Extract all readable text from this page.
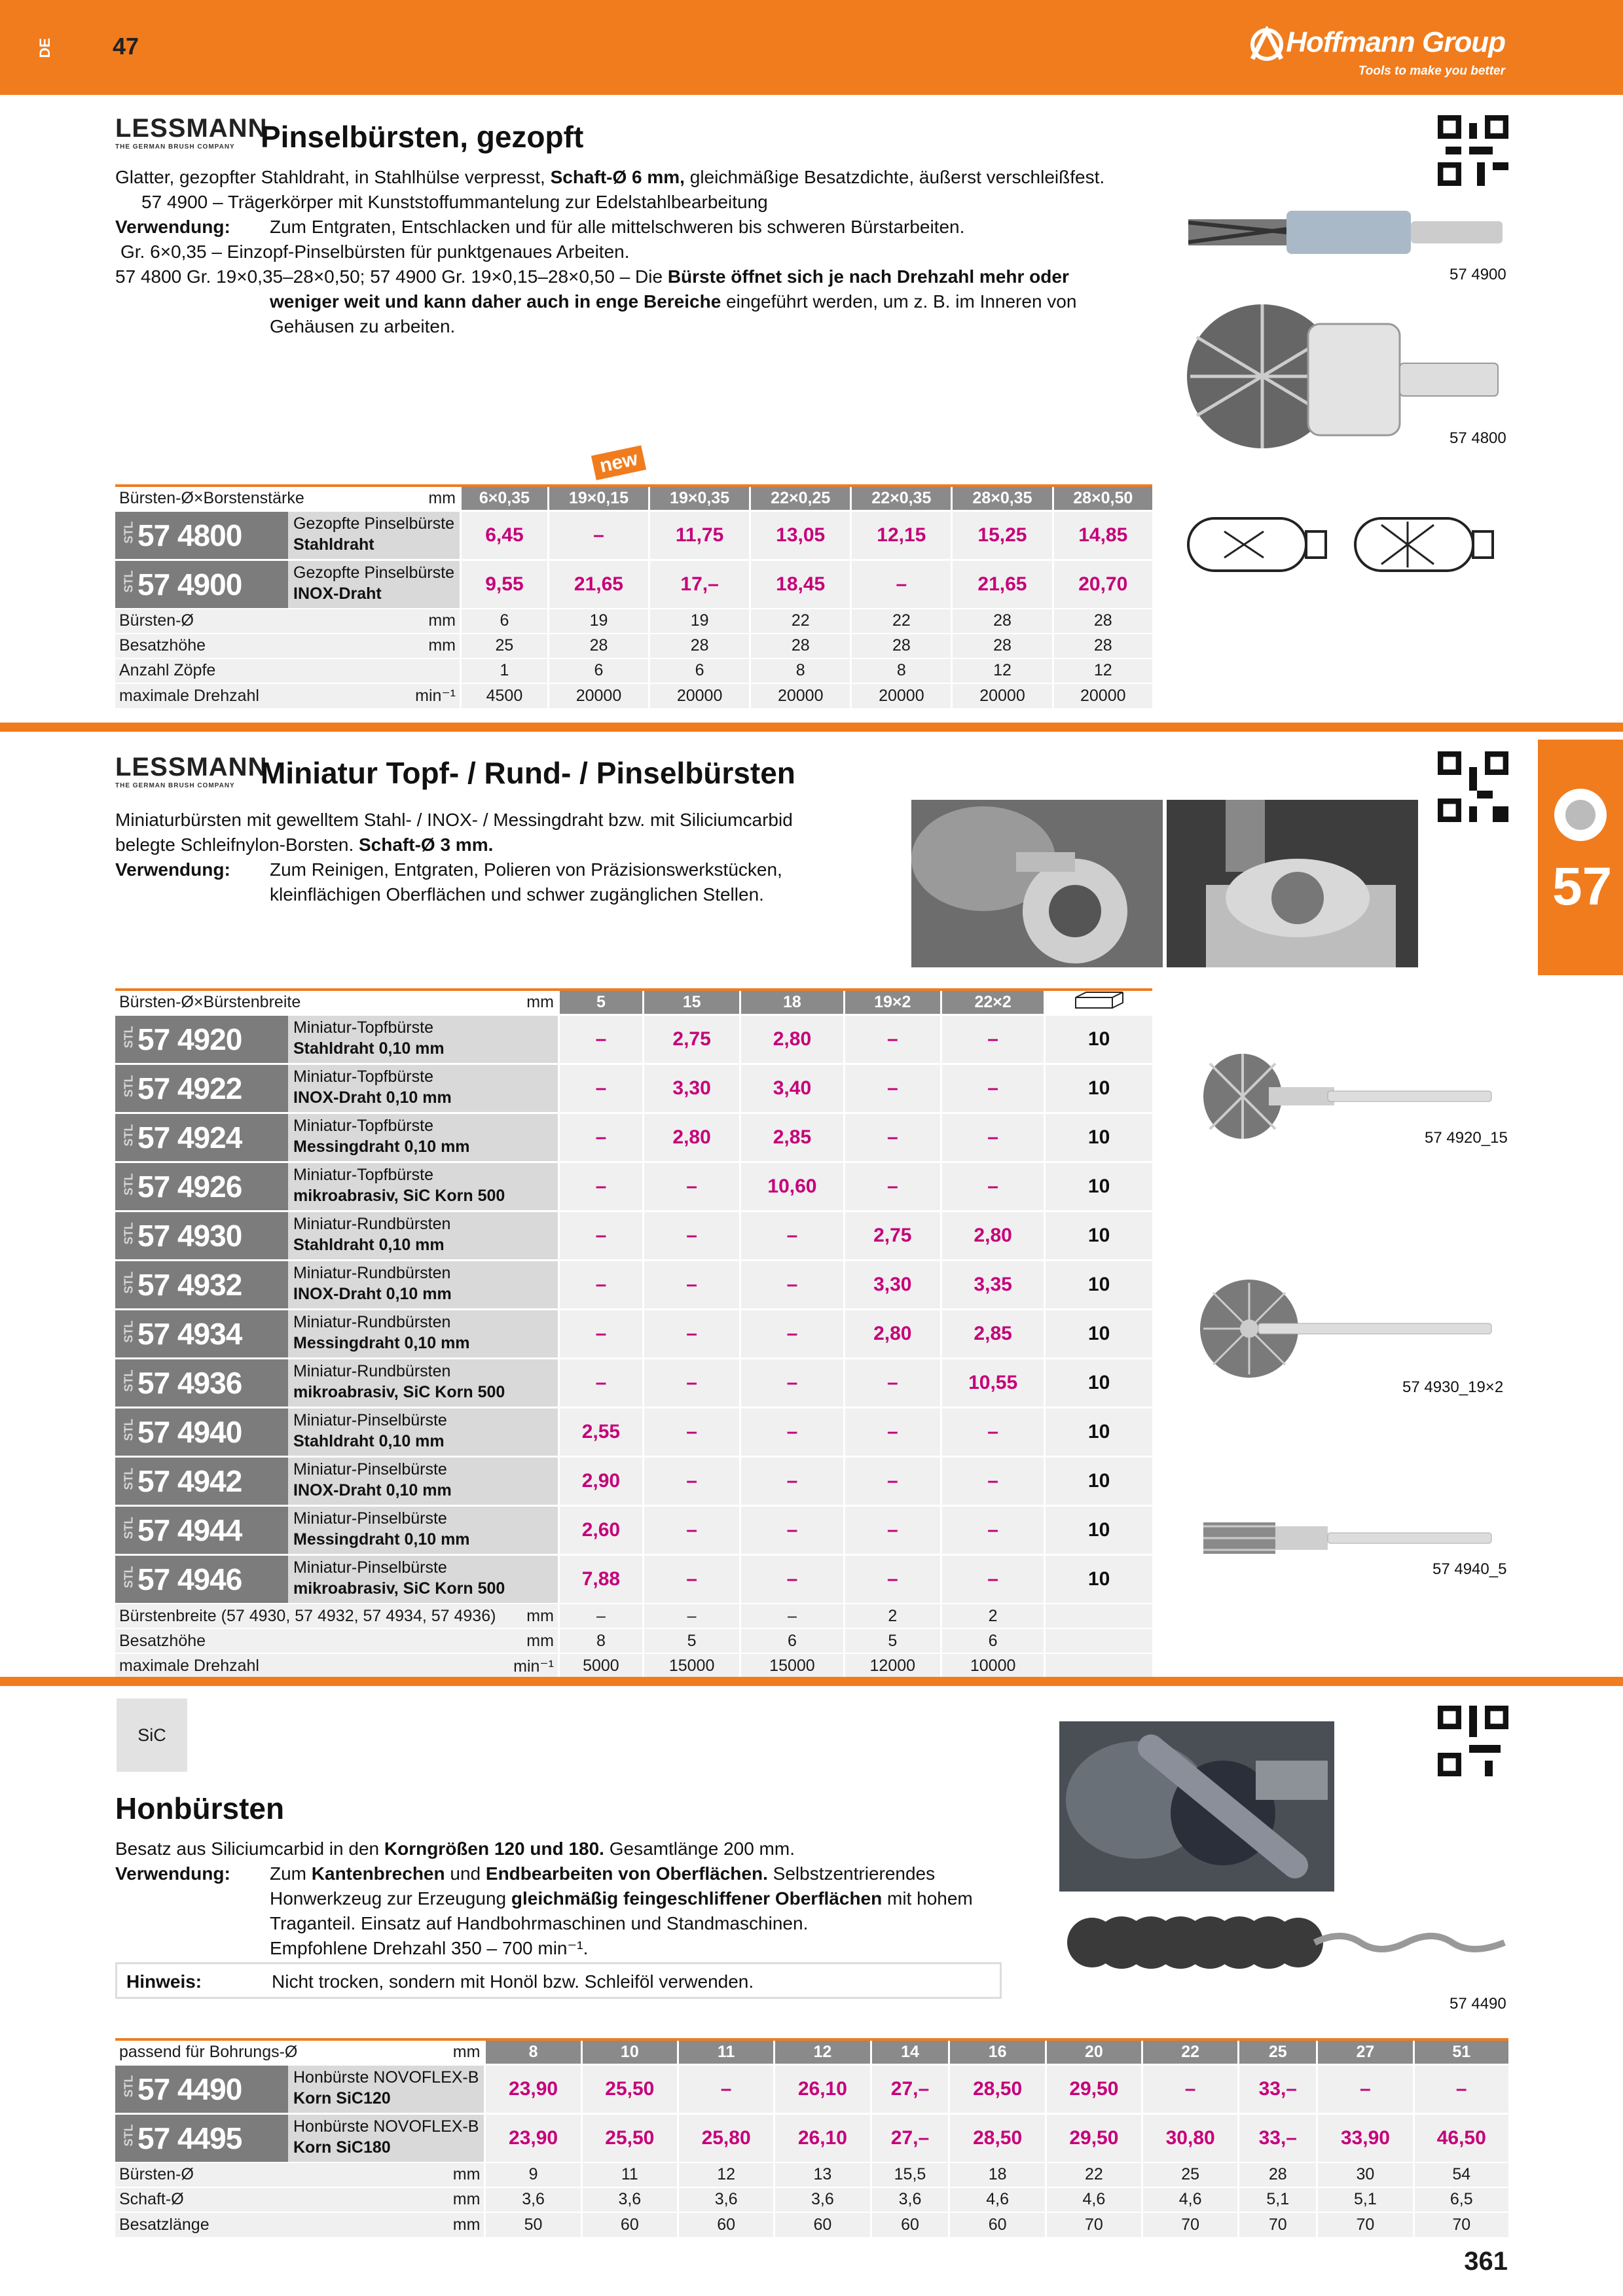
DE	47	Hoffmann Group
Tools to make you better
57
LESSMANN
THE GERMAN BRUSH COMPANY Pinselbürsten, gezopft
Glatter, gezopfter Stahldraht, in Stahlhülse verpresst, Schaft-Ø 6 mm, gleichmäßige Besatzdichte, äußerst verschleißfest.
57 4900 – Trägerkörper mit Kunststoffummantelung zur Edelstahlbearbeitung
Verwendung: Zum Entgraten, Entschlacken und für alle mittelschweren bis schweren Bürstarbeiten.
Gr. 6×0,35 – Einzopf-Pinselbürsten für punktgenaues Arbeiten.
57 4800 Gr. 19×0,35–28×0,50; 57 4900 Gr. 19×0,15–28×0,50 – Die Bürste öffnet sich je nach Drehzahl mehr oder
weniger weit und kann daher auch in enge Bereiche eingeführt werden, um z. B. im Inneren von
Gehäusen zu arbeiten.
57 4900
57 4800
new
Bürsten-Ø×Borstenstärke	mm	6×0,35	19×0,15	19×0,35	22×0,25	22×0,35	28×0,35	28×0,50

STL 57 4800 Gezopfte Pinselbürste
Stahldraht		6,45	–	11,75	13,05	12,15	15,25	14,85

STL 57 4900 Gezopfte Pinselbürste
INOX-Draht		9,55	21,65	17,–	18,45	–	21,65	20,70
Bürsten-Ø	mm	6	19	19	22	22	28	28
Besatzhöhe	mm	25	28	28	28	28	28	28
Anzahl Zöpfe		1	6	6	8	8	12	12
maximale Drehzahl	min⁻¹	4500	20000	20000	20000	20000	20000	20000
LESSMANN
THE GERMAN BRUSH COMPANY Miniatur Topf- / Rund- / Pinselbürsten
Miniaturbürsten mit gewelltem Stahl- / INOX- / Messingdraht bzw. mit Siliciumcarbid
belegte Schleifnylon-Borsten. Schaft-Ø 3 mm.
Verwendung: Zum Reinigen, Entgraten, Polieren von Präzisionswerkstücken,
kleinflächigen Oberflächen und schwer zugänglichen Stellen.
Bürsten-Ø×Bürstenbreite	mm	5	15	18	19×2	22×2	

STL 57 4920 Miniatur-Topfbürste
Stahldraht 0,10 mm		–	2,75	2,80	–	–	10

STL 57 4922 Miniatur-Topfbürste
INOX-Draht 0,10 mm		–	3,30	3,40	–	–	10

STL 57 4924 Miniatur-Topfbürste
Messingdraht 0,10 mm		–	2,80	2,85	–	–	10

STL 57 4926 Miniatur-Topfbürste
mikroabrasiv, SiC Korn 500		–	–	10,60	–	–	10

STL 57 4930 Miniatur-Rundbürsten
Stahldraht 0,10 mm		–	–	–	2,75	2,80	10

STL 57 4932 Miniatur-Rundbürsten
INOX-Draht 0,10 mm		–	–	–	3,30	3,35	10

STL 57 4934 Miniatur-Rundbürsten
Messingdraht 0,10 mm		–	–	–	2,80	2,85	10

STL 57 4936 Miniatur-Rundbürsten
mikroabrasiv, SiC Korn 500		–	–	–	–	10,55	10

STL 57 4940 Miniatur-Pinselbürste
Stahldraht 0,10 mm		2,55	–	–	–	–	10

STL 57 4942 Miniatur-Pinselbürste
INOX-Draht 0,10 mm		2,90	–	–	–	–	10

STL 57 4944 Miniatur-Pinselbürste
Messingdraht 0,10 mm		2,60	–	–	–	–	10

STL 57 4946 Miniatur-Pinselbürste
mikroabrasiv, SiC Korn 500		7,88	–	–	–	–	10
Bürstenbreite (57 4930, 57 4932, 57 4934, 57 4936)	mm	–	–	–	2	2	
Besatzhöhe	mm	8	5	6	5	6	
maximale Drehzahl	min⁻¹	5000	15000	15000	12000	10000	
57 4920_15
57 4930_19×2
57 4940_5
SiC
Honbürsten
Besatz aus Siliciumcarbid in den Korngrößen 120 und 180. Gesamtlänge 200 mm.
Verwendung: Zum Kantenbrechen und Endbearbeiten von Oberflächen. Selbstzentrierendes
Honwerkzeug zur Erzeugung gleichmäßig feingeschliffener Oberflächen mit hohem
Traganteil. Einsatz auf Handbohrmaschinen und Standmaschinen.
Empfohlene Drehzahl 350 – 700 min⁻¹.
Hinweis:	Nicht trocken, sondern mit Honöl bzw. Schleiföl verwenden.
57 4490
passend für Bohrungs-Ø	mm	8	10	11	12	14	16	20	22	25	27	51

STL 57 4490 Honbürste NOVOFLEX-B
Korn SiC120		23,90	25,50	–	26,10	27,–	28,50	29,50	–	33,–	–	–

STL 57 4495 Honbürste NOVOFLEX-B
Korn SiC180		23,90	25,50	25,80	26,10	27,–	28,50	29,50	30,80	33,–	33,90	46,50
Bürsten-Ø	mm	9	11	12	13	15,5	18	22	25	28	30	54
Schaft-Ø	mm	3,6	3,6	3,6	3,6	3,6	4,6	4,6	4,6	5,1	5,1	6,5
Besatzlänge	mm	50	60	60	60	60	60	70	70	70	70	70
361
